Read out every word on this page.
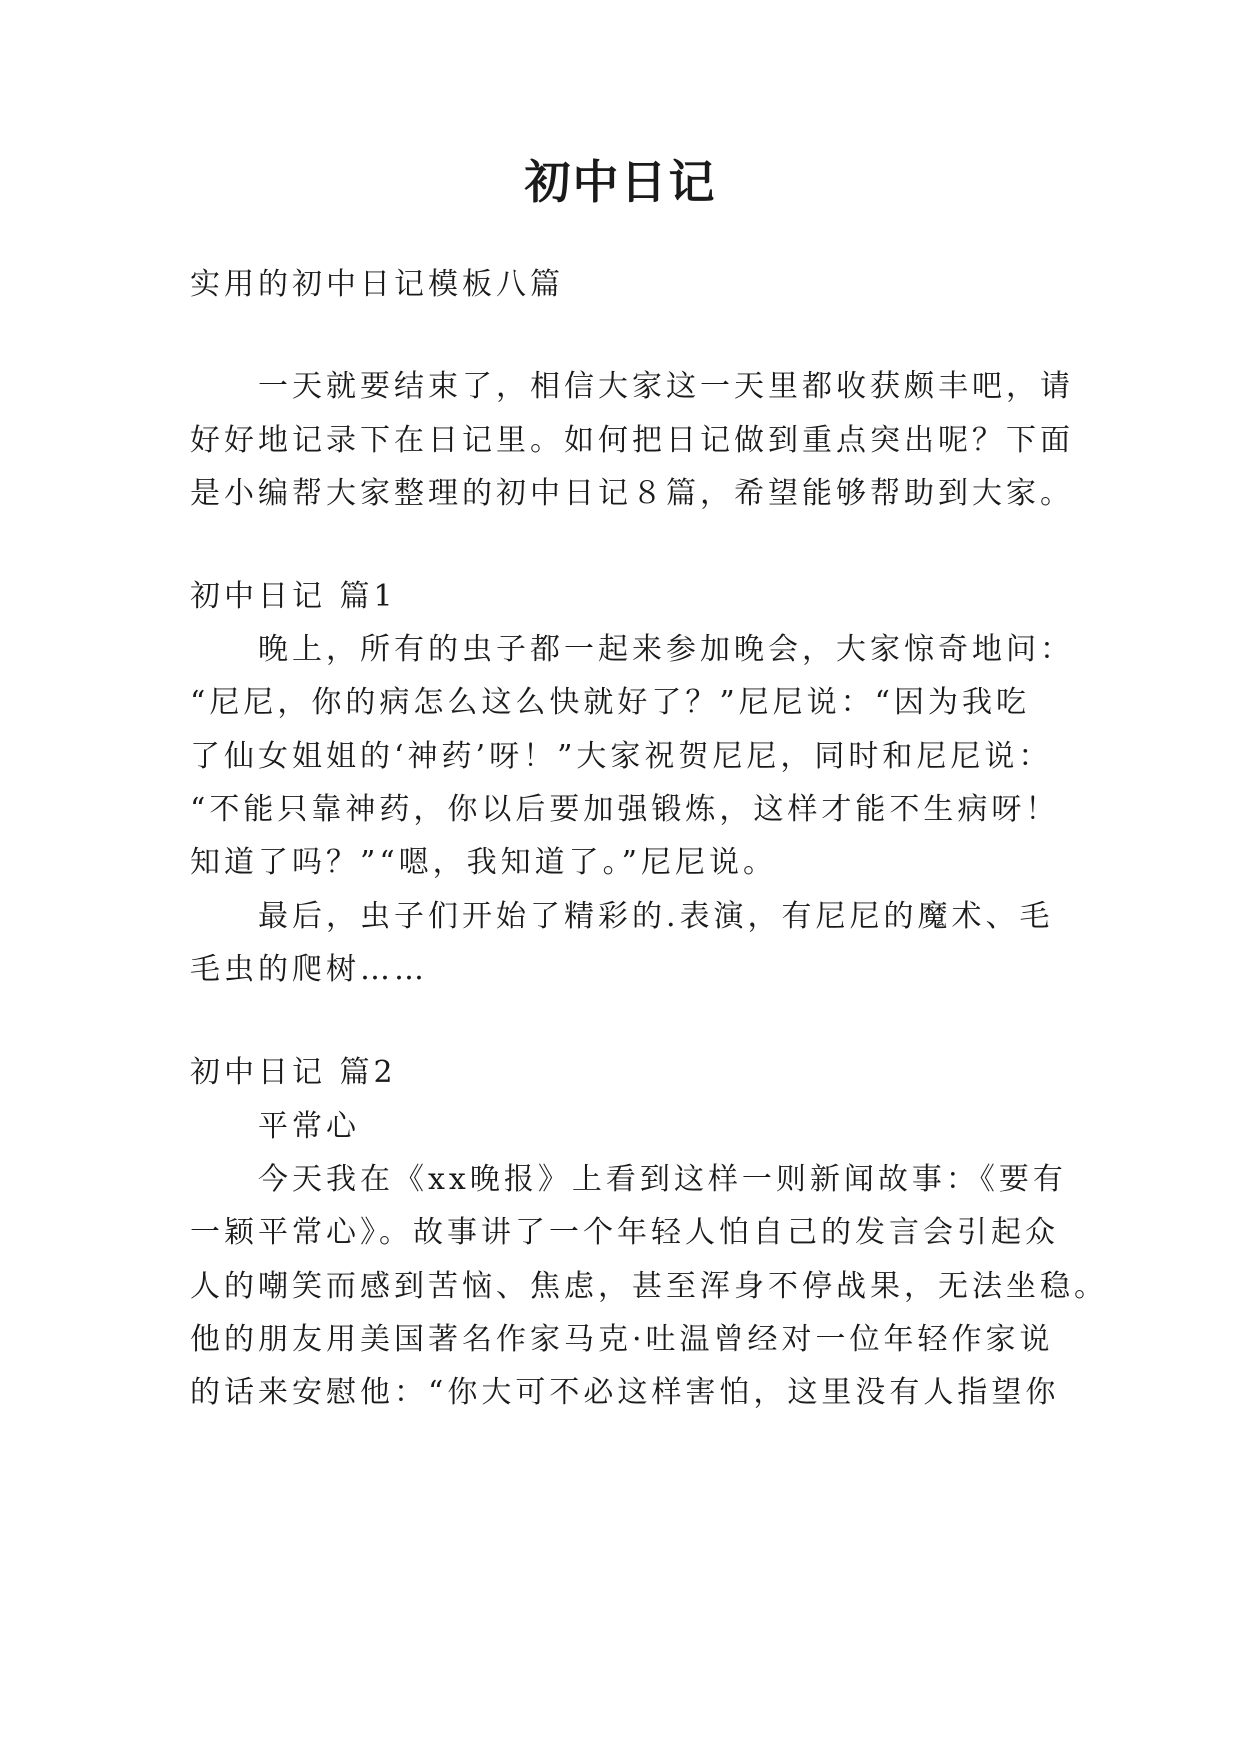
初中日记
实用的初中日记模板八篇
一天就要结束了，相信大家这一天里都收获颇丰吧，请
好好地记录下在日记里。如何把日记做到重点突出呢？下面
是小编帮大家整理的初中日记８篇，希望能够帮助到大家。
初中日记 篇1
晚上，所有的虫子都一起来参加晚会，大家惊奇地问：
“尼尼，你的病怎么这么快就好了？”尼尼说：“因为我吃
了仙女姐姐的‘神药’呀！”大家祝贺尼尼，同时和尼尼说：
“不能只靠神药，你以后要加强锻炼，这样才能不生病呀！
知道了吗？”“嗯，我知道了。”尼尼说。
最后，虫子们开始了精彩的.表演，有尼尼的魔术、毛
毛虫的爬树……
初中日记 篇2
平常心
今天我在《xx晚报》上看到这样一则新闻故事：《要有
一颖平常心》。故事讲了一个年轻人怕自己的发言会引起众
人的嘲笑而感到苦恼、焦虑，甚至浑身不停战果，无法坐稳。
他的朋友用美国著名作家马克·吐温曾经对一位年轻作家说
的话来安慰他：“你大可不必这样害怕，这里没有人指望你
